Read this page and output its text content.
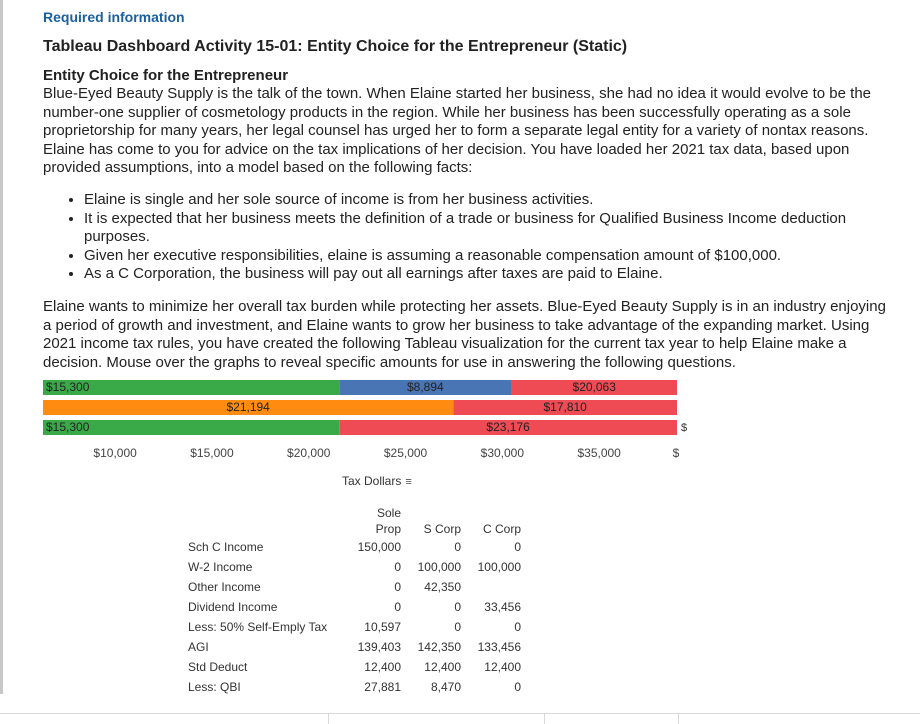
Required information
Tableau Dashboard Activity 15-01: Entity Choice for the Entrepreneur (Static)
Entity Choice for the Entrepreneur
Blue-Eyed Beauty Supply is the talk of the town. When Elaine started her business, she had no idea it would evolve to be the number-one supplier of cosmetology products in the region. While her business has been successfully operating as a sole proprietorship for many years, her legal counsel has urged her to form a separate legal entity for a variety of nontax reasons. Elaine has come to you for advice on the tax implications of her decision. You have loaded her 2021 tax data, based upon provided assumptions, into a model based on the following facts:
• Elaine is single and her sole source of income is from her business activities.
• It is expected that her business meets the definition of a trade or business for Qualified Business Income deduction purposes.
• Given her executive responsibilities, elaine is assuming a reasonable compensation amount of $100,000.
• As a C Corporation, the business will pay out all earnings after taxes are paid to Elaine.
Elaine wants to minimize her overall tax burden while protecting her assets. Blue-Eyed Beauty Supply is in an industry enjoying a period of growth and investment, and Elaine wants to grow her business to take advantage of the expanding market. Using 2021 income tax rules, you have created the following Tableau visualization for the current tax year to help Elaine make a decision. Mouse over the graphs to reveal specific amounts for use in answering the following questions.
$15,300	$8,894	$20,063
$21,194	$17,810
$15,300	$23,176	$
$10,000	$15,000	$20,000	$25,000	$30,000	$35,000	$
Tax Dollars ≡
	Sole		
	Prop	S Corp	C Corp
Sch C Income	150,000	0	0
W-2 Income	0	100,000	100,000
Other Income	0	42,350	
Dividend Income	0	0	33,456
Less: 50% Self-Emply Tax	10,597	0	0
AGI	139,403	142,350	133,456
Std Deduct	12,400	12,400	12,400
Less: QBI	27,881	8,470	0
